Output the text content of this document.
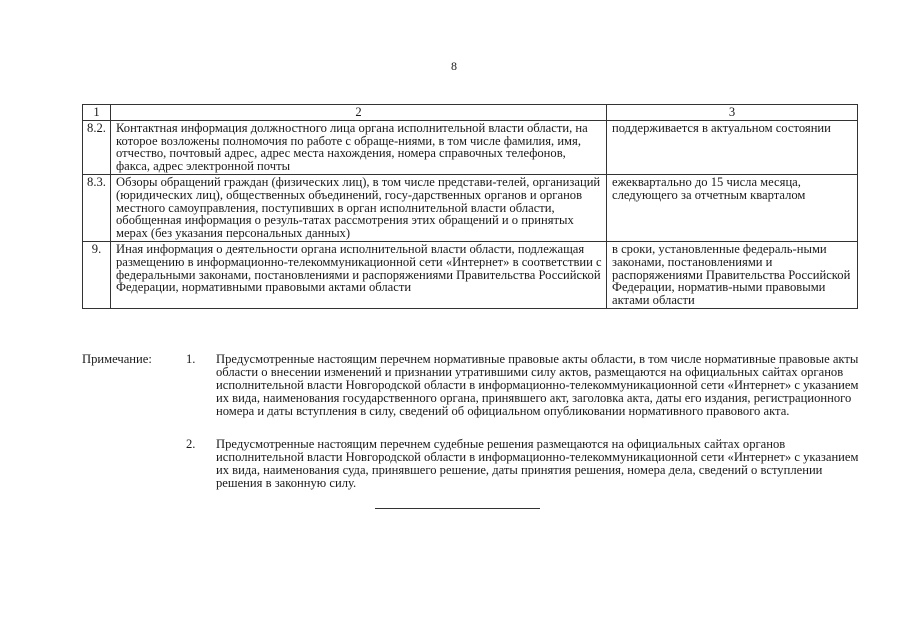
8
1	2	3
8.2.	Контактная информация должностного лица органа исполнительной власти области, на которое возложены полномочия по работе с обраще-ниями, в том числе фамилия, имя, отчество, почтовый адрес, адрес места нахождения, номера справочных телефонов, факса, адрес электронной почты	поддерживается в актуальном состоянии
8.3.	Обзоры обращений граждан (физических лиц), в том числе представи-телей, организаций (юридических лиц), общественных объединений, госу-дарственных органов и органов местного самоуправления, поступивших в орган исполнительной власти области, обобщенная информация о резуль-татах рассмотрения этих обращений и о принятых мерах (без указания персональных данных)	ежеквартально до 15 числа месяца, следующего за отчетным кварталом
9.	Иная информация о деятельности органа исполнительной власти области, подлежащая размещению в информационно-телекоммуникационной сети «Интернет» в соответствии с федеральными законами, постановлениями и распоряжениями Правительства Российской Федерации, нормативными правовыми актами области	в сроки, установленные федераль-ными законами, постановлениями и распоряжениями Правительства Российской Федерации, норматив-ными правовыми актами области
Примечание:	1.	Предусмотренные настоящим перечнем нормативные правовые акты области, в том числе нормативные правовые акты области о внесении изменений и признании утратившими силу актов, размещаются на официальных сайтах органов исполнительной власти Новгородской области в информационно-телекоммуникационной сети «Интернет» с указанием их вида, наименования государственного органа, принявшего акт, заголовка акта, даты его издания, регистрационного номера и даты вступления в силу, сведений об официальном опубликовании нормативного правового акта.
2.	Предусмотренные настоящим перечнем судебные решения размещаются на официальных сайтах органов исполнительной власти Новгородской области в информационно-телекоммуникационной сети «Интернет» с указанием их вида, наименования суда, принявшего решение, даты принятия решения, номера дела, сведений о вступлении решения в законную силу.
